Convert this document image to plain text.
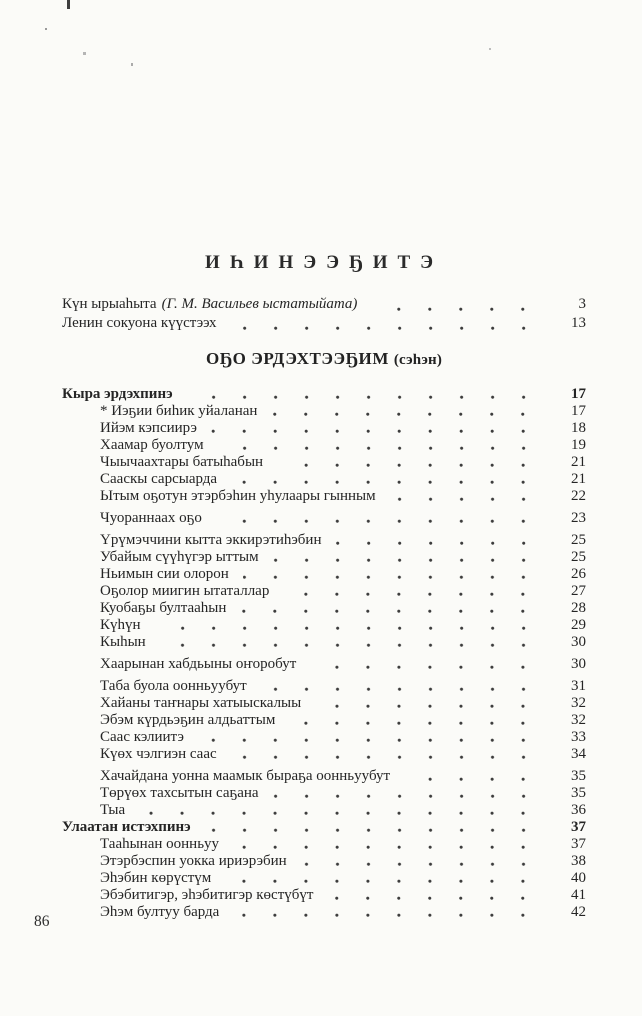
ИҺИНЭЭҔИТЭ
Күн ырыаһыта (Г. М. Васильев ыстатыйата)	3
Ленин сокуона күүстээх	13
ОҔО ЭРДЭХТЭЭҔИМ (сэһэн)
Кыра эрдэхпинэ	17
* Иэҕии биһик уйаланан	17
Ийэм кэпсиирэ	18
Хаамар буолтум	19
Чыычаахтары батыһабын	21
Сааскы сарсыарда	21
Ытым оҕотун этэрбэһин уһулаары гынным	22
Чуораннаах оҕо	23
Үрүмэччини кытта эккирэтиһэбин	25
Убайым сүүһүгэр ыттым	25
Ньимын сии олорон	26
Оҕолор миигин ытаталлар	27
Куобаҕы бултааһын	28
Күһүн	29
Кыһын	30
Хаарынан хабдьыны оҥоробут	30
Таба буола оонньуубут	31
Хайаны таҥнары хатыыскалыы	32
Эбэм күрдьэҕин алдьаттым	32
Саас кэлиитэ	33
Күөх чэлгиэн саас	34
Хачайдана уонна маамык быраҕа оонньуубут	35
Төрүөх тахсытын саҕана	35
Тыа	36
Улаатан истэхпинэ	37
Тааһынан оонньуу	37
Этэрбэспин уокка ириэрэбин	38
Эһэбин көрүстүм	40
Эбэбитигэр, эһэбитигэр көстүбүт	41
Эһэм бултуу барда	42
86
